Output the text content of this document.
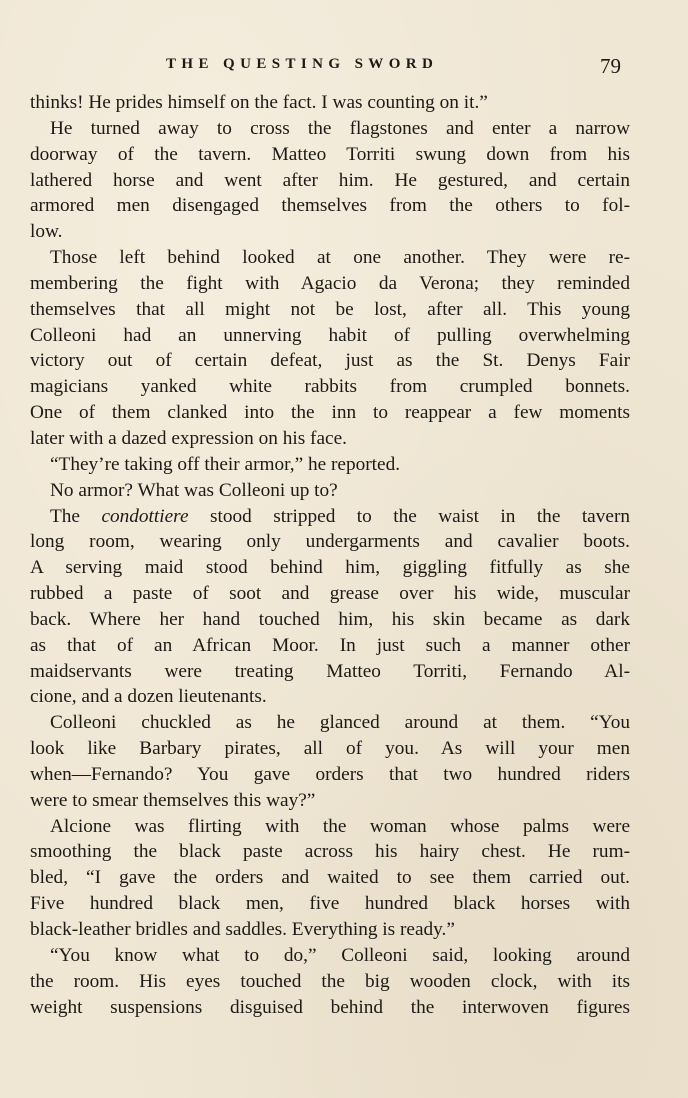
THE QUESTING SWORD	79
thinks! He prides himself on the fact. I was counting on it.”
He turned away to cross the flagstones and enter a narrow
doorway of the tavern. Matteo Torriti swung down from his
lathered horse and went after him. He gestured, and certain
armored men disengaged themselves from the others to fol-
low.
Those left behind looked at one another. They were re-
membering the fight with Agacio da Verona; they reminded
themselves that all might not be lost, after all. This young
Colleoni had an unnerving habit of pulling overwhelming
victory out of certain defeat, just as the St. Denys Fair
magicians yanked white rabbits from crumpled bonnets.
One of them clanked into the inn to reappear a few moments
later with a dazed expression on his face.
“They’re taking off their armor,” he reported.
No armor? What was Colleoni up to?
The condottiere stood stripped to the waist in the tavern
long room, wearing only undergarments and cavalier boots.
A serving maid stood behind him, giggling fitfully as she
rubbed a paste of soot and grease over his wide, muscular
back. Where her hand touched him, his skin became as dark
as that of an African Moor. In just such a manner other
maidservants were treating Matteo Torriti, Fernando Al-
cione, and a dozen lieutenants.
Colleoni chuckled as he glanced around at them. “You
look like Barbary pirates, all of you. As will your men
when—Fernando? You gave orders that two hundred riders
were to smear themselves this way?”
Alcione was flirting with the woman whose palms were
smoothing the black paste across his hairy chest. He rum-
bled, “I gave the orders and waited to see them carried out.
Five hundred black men, five hundred black horses with
black-leather bridles and saddles. Everything is ready.”
“You know what to do,” Colleoni said, looking around
the room. His eyes touched the big wooden clock, with its
weight suspensions disguised behind the interwoven figures
